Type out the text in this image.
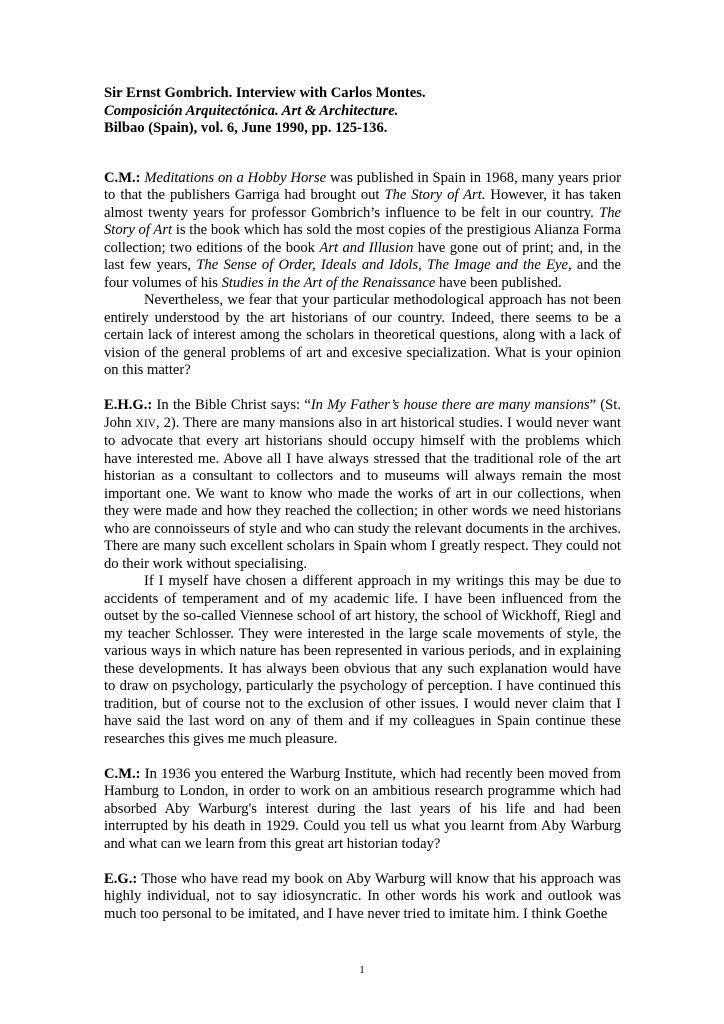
Sir Ernst Gombrich. Interview with Carlos Montes.
Composición Arquitectónica. Art & Architecture.
Bilbao (Spain), vol. 6, June 1990, pp. 125-136.

C.M.: Meditations on a Hobby Horse was published in Spain in 1968, many years prior to that the publishers Garriga had brought out The Story of Art. However, it has taken almost twenty years for professor Gombrich’s influence to be felt in our country. The Story of Art is the book which has sold the most copies of the prestigious Alianza Forma collection; two editions of the book Art and Illusion have gone out of print; and, in the last few years, The Sense of Order, Ideals and Idols, The Image and the Eye, and the four volumes of his Studies in the Art of the Renaissance have been published.

Nevertheless, we fear that your particular methodological approach has not been entirely understood by the art historians of our country. Indeed, there seems to be a certain lack of interest among the scholars in theoretical questions, along with a lack of vision of the general problems of art and excesive specialization. What is your opinion on this matter?

E.H.G.: In the Bible Christ says: “In My Father’s house there are many mansions” (St. John XIV, 2). There are many mansions also in art historical studies. I would never want to advocate that every art historians should occupy himself with the problems which have interested me. Above all I have always stressed that the traditional role of the art historian as a consultant to collectors and to museums will always remain the most important one. We want to know who made the works of art in our collections, when they were made and how they reached the collection; in other words we need historians who are connoisseurs of style and who can study the relevant documents in the archives. There are many such excellent scholars in Spain whom I greatly respect. They could not do their work without specialising.

If I myself have chosen a different approach in my writings this may be due to accidents of temperament and of my academic life. I have been influenced from the outset by the so-called Viennese school of art history, the school of Wickhoff, Riegl and my teacher Schlosser. They were interested in the large scale movements of style, the various ways in which nature has been represented in various periods, and in explaining these developments. It has always been obvious that any such explanation would have to draw on psychology, particularly the psychology of perception. I have continued this tradition, but of course not to the exclusion of other issues. I would never claim that I have said the last word on any of them and if my colleagues in Spain continue these researches this gives me much pleasure.

C.M.: In 1936 you entered the Warburg Institute, which had recently been moved from Hamburg to London, in order to work on an ambitious research programme which had absorbed Aby Warburg's interest during the last years of his life and had been interrupted by his death in 1929. Could you tell us what you learnt from Aby Warburg and what can we learn from this great art historian today?

E.G.: Those who have read my book on Aby Warburg will know that his approach was highly individual, not to say idiosyncratic. In other words his work and outlook was much too personal to be imitated, and I have never tried to imitate him. I think Goethe

1
